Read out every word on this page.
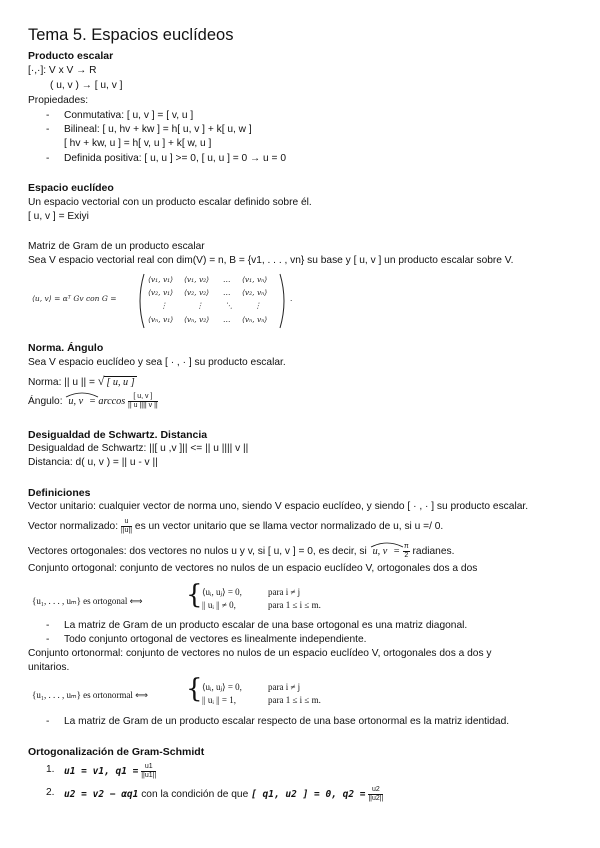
Tema 5. Espacios euclídeos
Producto escalar
[·,·]: V x V → R
( u, v ) → [ u, v ]
Propiedades:
- Conmutativa: [ u, v ] = [ v, u ]
- Bilineal: [ u, hv + kw ] = h[ u, v ] + k[ u, w ]
[ hv + kw, u ] = h[ v, u ] + k[ w, u ]
- Definida positiva: [ u, u ] >= 0, [ u, u ] = 0 → u = 0
Espacio euclídeo
Un espacio vectorial con un producto escalar definido sobre él.
[ u, v ] = Exiyi
Matriz de Gram de un producto escalar
Sea V espacio vectorial real con dim(V) = n, B = {v1, . . . , vn} su base y [ u, v ] un producto escalar sobre V.
⟨u, v⟩ = αᵀ Gv con G =
⟨v₁, v₁⟩ ⟨v₁, v₂⟩ … ⟨v₁, vₙ⟩
⟨v₂, v₁⟩ ⟨v₂, v₂⟩ … ⟨v₂, vₙ⟩
⋮	⋮	⋱	⋮
⟨vₙ, v₁⟩ ⟨vₙ, v₂⟩ … ⟨vₙ, vₙ⟩
.
Norma. Ángulo
Sea V espacio euclídeo y sea [ · , · ] su producto escalar.
Norma: || u || = √ [ u, u ]
Ángulo: u, $v = \arccos \frac{[ u, v ]}{|| u |||| v ||}$
Desigualdad de Schwartz. Distancia
Desigualdad de Schwartz: ||[ u ,v ]|| <= || u |||| v ||
Distancia: d( u, v ) = || u - v ||
Definiciones
Vector unitario: cualquier vector de norma uno, siendo V espacio euclídeo, y siendo [ · , · ] su producto escalar.
Vector normalizado: $\frac{u}{||u||}$ es un vector unitario que se llama vector normalizado de u, si u =/ 0.
Vectores ortogonales: dos vectores no nulos u y v, si [ u, v ] = 0, es decir, si u, $v = \frac{\pi}{2}$ radianes.
Conjunto ortogonal: conjunto de vectores no nulos de un espacio euclídeo V, ortogonales dos a dos
{u₁, . . . , uₘ} es ortogonal ⟺ { ⟨uᵢ, uⱼ⟩ = 0,	para i ≠ j
|| uᵢ || ≠ 0,	para 1 ≤ i ≤ m.
- La matriz de Gram de un producto escalar de una base ortogonal es una matriz diagonal.
- Todo conjunto ortogonal de vectores es linealmente independiente.
Conjunto ortonormal: conjunto de vectores no nulos de un espacio euclídeo V, ortogonales dos a dos y
unitarios.
{u₁, . . . , uₘ} es ortonormal ⟺ { ⟨uᵢ, uⱼ⟩ = 0,	para i ≠ j
|| uᵢ || = 1,	para 1 ≤ i ≤ m.
- La matriz de Gram de un producto escalar respecto de una base ortonormal es la matriz identidad.
Ortogonalización de Gram-Schmidt
1. u1 = v1, $q1 = \frac{u1}{||u1||}$
2. u2 = v2 − αq1 con la condición de que [ q1, u2 ] = 0, $q2 = \frac{u2}{||u2||}$
